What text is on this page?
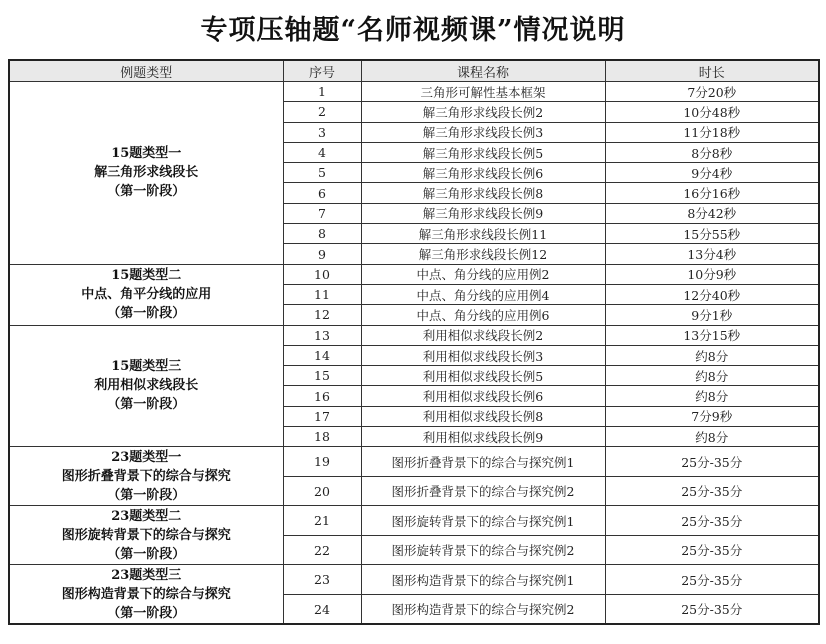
专项压轴题“名师视频课”情况说明
例题类型	序号	课程名称	时长

15题类型一
解三角形求线段长
（第一阶段）	1	三角形可解性基本框架	7分20秒
	2	解三角形求线段长例2	10分48秒
	3	解三角形求线段长例3	11分18秒
	4	解三角形求线段长例5	8分8秒
	5	解三角形求线段长例6	9分4秒
	6	解三角形求线段长例8	16分16秒
	7	解三角形求线段长例9	8分42秒
	8	解三角形求线段长例11	15分55秒
	9	解三角形求线段长例12	13分4秒

15题类型二
中点、角平分线的应用
（第一阶段）	10	中点、角分线的应用例2	10分9秒
	11	中点、角分线的应用例4	12分40秒
	12	中点、角分线的应用例6	9分1秒

15题类型三
利用相似求线段长
（第一阶段）	13	利用相似求线段长例2	13分15秒
	14	利用相似求线段长例3	约8分
	15	利用相似求线段长例5	约8分
	16	利用相似求线段长例6	约8分
	17	利用相似求线段长例8	7分9秒
	18	利用相似求线段长例9	约8分

23题类型一
图形折叠背景下的综合与探究
（第一阶段）	19	图形折叠背景下的综合与探究例1	25分-35分
	20	图形折叠背景下的综合与探究例2	25分-35分

23题类型二
图形旋转背景下的综合与探究
（第一阶段）	21	图形旋转背景下的综合与探究例1	25分-35分
	22	图形旋转背景下的综合与探究例2	25分-35分

23题类型三
图形构造背景下的综合与探究
（第一阶段）	23	图形构造背景下的综合与探究例1	25分-35分
	24	图形构造背景下的综合与探究例2	25分-35分
